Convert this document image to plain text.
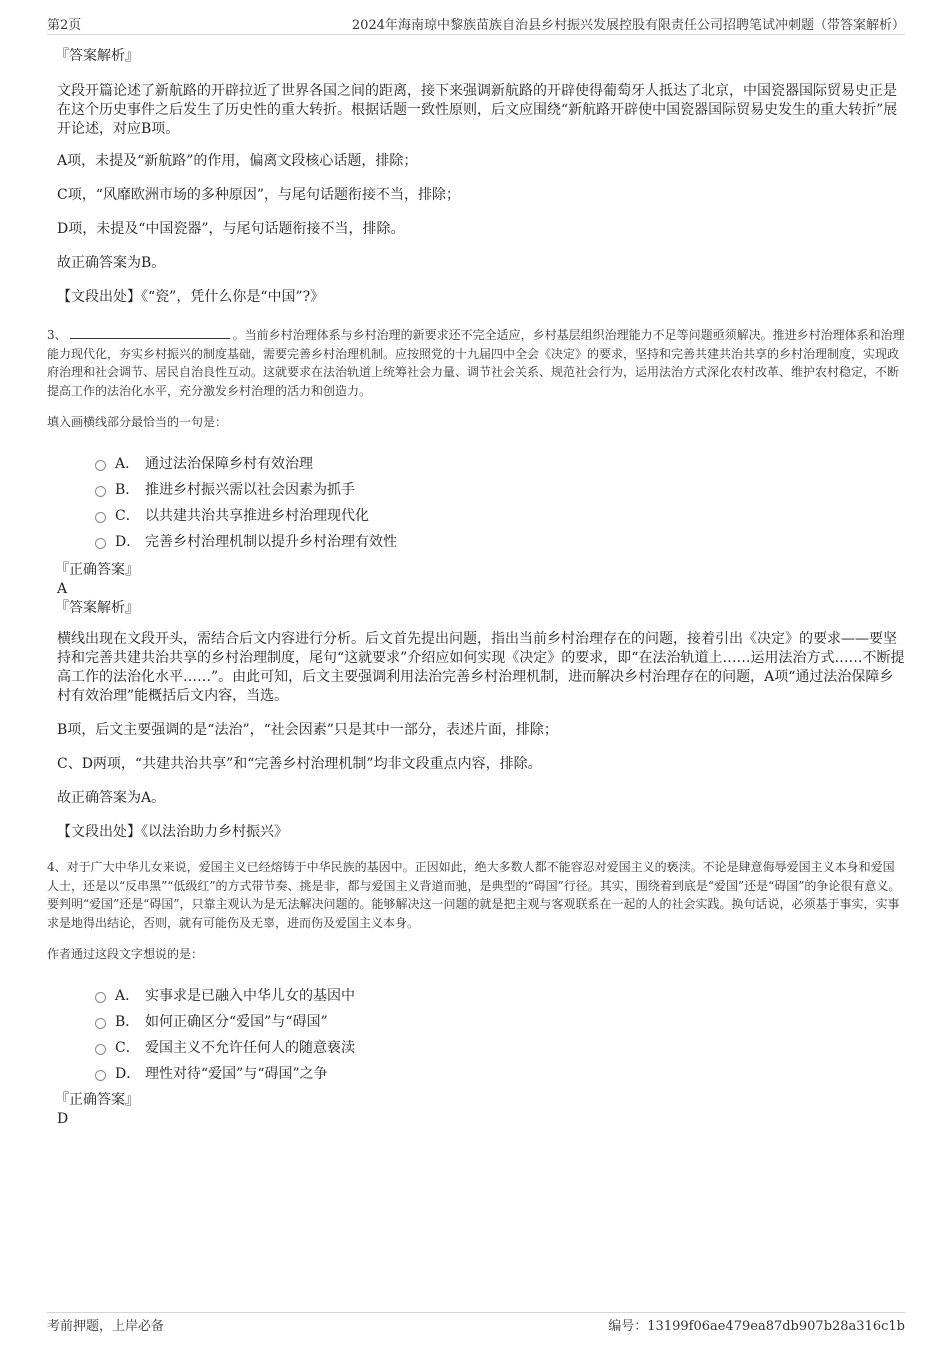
第2页	2024年海南琼中黎族苗族自治县乡村振兴发展控股有限责任公司招聘笔试冲刺题（带答案解析）
『答案解析』

文段开篇论述了新航路的开辟拉近了世界各国之间的距离，接下来强调新航路的开辟使得葡萄牙人抵达了北京，中国瓷器国际贸易史正是在这个历史事件之后发生了历史性的重大转折。根据话题一致性原则，后文应围绕“新航路开辟使中国瓷器国际贸易史发生的重大转折”展开论述，对应B项。

A项，未提及“新航路”的作用，偏离文段核心话题，排除；

C项，“风靡欧洲市场的多种原因”，与尾句话题衔接不当，排除；

D项，未提及“中国瓷器”，与尾句话题衔接不当，排除。

故正确答案为B。

【文段出处】《“瓷”，凭什么你是“中国”?》

3、	。当前乡村治理体系与乡村治理的新要求还不完全适应，乡村基层组织治理能力不足等问题亟须解决。推进乡村治理体系和治理能力现代化，夯实乡村振兴的制度基础，需要完善乡村治理机制。应按照党的十九届四中全会《决定》的要求，坚持和完善共建共治共享的乡村治理制度，实现政府治理和社会调节、居民自治良性互动。这就要求在法治轨道上统筹社会力量、调节社会关系、规范社会行为，运用法治方式深化农村改革、维护农村稳定，不断提高工作的法治化水平，充分激发乡村治理的活力和创造力。
填入画横线部分最恰当的一句是：
A． 通过法治保障乡村有效治理
B． 推进乡村振兴需以社会因素为抓手
C． 以共建共治共享推进乡村治理现代化
D． 完善乡村治理机制以提升乡村治理有效性
『正确答案』
A
『答案解析』

横线出现在文段开头，需结合后文内容进行分析。后文首先提出问题，指出当前乡村治理存在的问题，接着引出《决定》的要求——要坚持和完善共建共治共享的乡村治理制度，尾句“这就要求”介绍应如何实现《决定》的要求，即“在法治轨道上……运用法治方式……不断提高工作的法治化水平……”。由此可知，后文主要强调利用法治完善乡村治理机制，进而解决乡村治理存在的问题，A项“通过法治保障乡村有效治理”能概括后文内容，当选。

B项，后文主要强调的是“法治”，“社会因素”只是其中一部分，表述片面，排除；

C、D两项，“共建共治共享”和“完善乡村治理机制”均非文段重点内容，排除。

故正确答案为A。

【文段出处】《以法治助力乡村振兴》

4、对于广大中华儿女来说，爱国主义已经熔铸于中华民族的基因中。正因如此，绝大多数人都不能容忍对爱国主义的亵渎。不论是肆意侮辱爱国主义本身和爱国人士，还是以“反串黑”“低级红”的方式带节奏、挑是非，都与爱国主义背道而驰，是典型的“碍国”行径。其实，围绕着到底是“爱国”还是“碍国”的争论很有意义。要判明“爱国”还是“碍国”，只靠主观认为是无法解决问题的。能够解决这一问题的就是把主观与客观联系在一起的人的社会实践。换句话说，必须基于事实，实事求是地得出结论，否则，就有可能伤及无辜，进而伤及爱国主义本身。
作者通过这段文字想说的是：
A． 实事求是已融入中华儿女的基因中
B． 如何正确区分“爱国”与“碍国”
C． 爱国主义不允许任何人的随意亵渎
D． 理性对待“爱国”与“碍国”之争
『正确答案』
D
考前押题，上岸必备	编号：13199f06ae479ea87db907b28a316c1b
